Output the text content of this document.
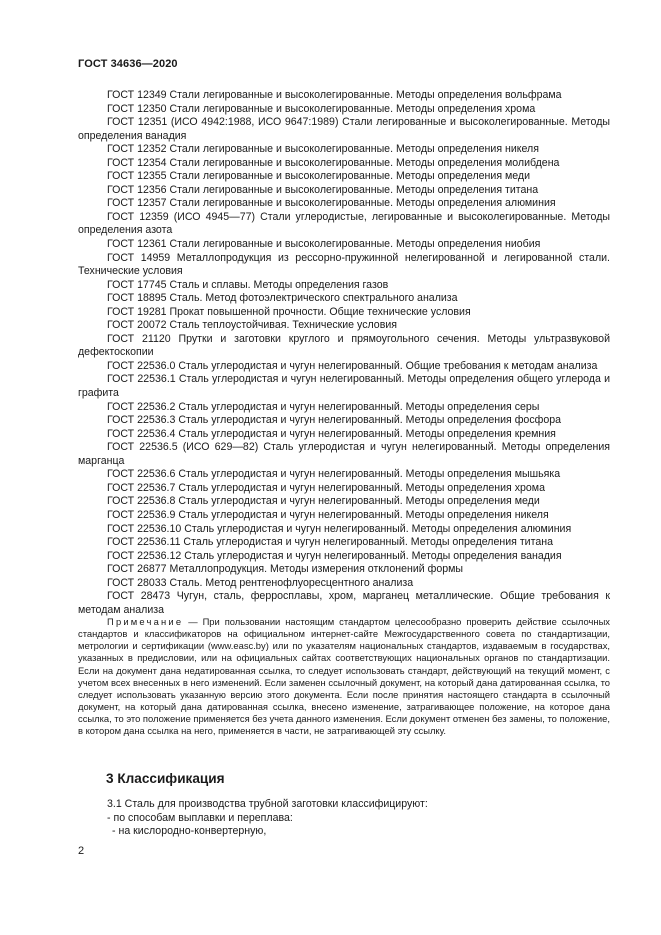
ГОСТ 34636—2020

ГОСТ 12349 Стали легированные и высоколегированные. Методы определения вольфрама

ГОСТ 12350 Стали легированные и высоколегированные. Методы определения хрома

ГОСТ 12351 (ИСО 4942:1988, ИСО 9647:1989) Стали легированные и высоколегированные. Методы определения ванадия

ГОСТ 12352 Стали легированные и высоколегированные. Методы определения никеля

ГОСТ 12354 Стали легированные и высоколегированные. Методы определения молибдена

ГОСТ 12355 Стали легированные и высоколегированные. Методы определения меди

ГОСТ 12356 Стали легированные и высоколегированные. Методы определения титана

ГОСТ 12357 Стали легированные и высоколегированные. Методы определения алюминия

ГОСТ 12359 (ИСО 4945—77) Стали углеродистые, легированные и высоколегированные. Методы определения азота

ГОСТ 12361 Стали легированные и высоколегированные. Методы определения ниобия

ГОСТ 14959 Металлопродукция из рессорно-пружинной нелегированной и легированной стали. Технические условия

ГОСТ 17745 Сталь и сплавы. Методы определения газов

ГОСТ 18895 Сталь. Метод фотоэлектрического спектрального анализа

ГОСТ 19281 Прокат повышенной прочности. Общие технические условия

ГОСТ 20072 Сталь теплоустойчивая. Технические условия

ГОСТ 21120 Прутки и заготовки круглого и прямоугольного сечения. Методы ультразвуковой дефектоскопии

ГОСТ 22536.0 Сталь углеродистая и чугун нелегированный. Общие требования к методам анализа

ГОСТ 22536.1 Сталь углеродистая и чугун нелегированный. Методы определения общего углерода и графита

ГОСТ 22536.2 Сталь углеродистая и чугун нелегированный. Методы определения серы

ГОСТ 22536.3 Сталь углеродистая и чугун нелегированный. Методы определения фосфора

ГОСТ 22536.4 Сталь углеродистая и чугун нелегированный. Методы определения кремния

ГОСТ 22536.5 (ИСО 629—82) Сталь углеродистая и чугун нелегированный. Методы определения марганца

ГОСТ 22536.6 Сталь углеродистая и чугун нелегированный. Методы определения мышьяка

ГОСТ 22536.7 Сталь углеродистая и чугун нелегированный. Методы определения хрома

ГОСТ 22536.8 Сталь углеродистая и чугун нелегированный. Методы определения меди

ГОСТ 22536.9 Сталь углеродистая и чугун нелегированный. Методы определения никеля

ГОСТ 22536.10 Сталь углеродистая и чугун нелегированный. Методы определения алюминия

ГОСТ 22536.11 Сталь углеродистая и чугун нелегированный. Методы определения титана

ГОСТ 22536.12 Сталь углеродистая и чугун нелегированный. Методы определения ванадия

ГОСТ 26877 Металлопродукция. Методы измерения отклонений формы

ГОСТ 28033 Сталь. Метод рентгенофлуоресцентного анализа

ГОСТ 28473 Чугун, сталь, ферросплавы, хром, марганец металлические. Общие требования к методам анализа

Примечание — При пользовании настоящим стандартом целесообразно проверить действие ссылочных стандартов и классификаторов на официальном интернет-сайте Межгосударственного совета по стандартизации, метрологии и сертификации (www.easc.by) или по указателям национальных стандартов, издаваемым в государствах, указанных в предисловии, или на официальных сайтах соответствующих национальных органов по стандартизации. Если на документ дана недатированная ссылка, то следует использовать стандарт, действующий на текущий момент, с учетом всех внесенных в него изменений. Если заменен ссылочный документ, на который дана датированная ссылка, то следует использовать указанную версию этого документа. Если после принятия настоящего стандарта в ссылочный документ, на который дана датированная ссылка, внесено изменение, затрагивающее положение, на которое дана ссылка, то это положение применяется без учета данного изменения. Если документ отменен без замены, то положение, в котором дана ссылка на него, применяется в части, не затрагивающей эту ссылку.

3 Классификация
3.1 Сталь для производства трубной заготовки классифицируют:
- по способам выплавки и переплава:
- на кислородно-конвертерную,
2
